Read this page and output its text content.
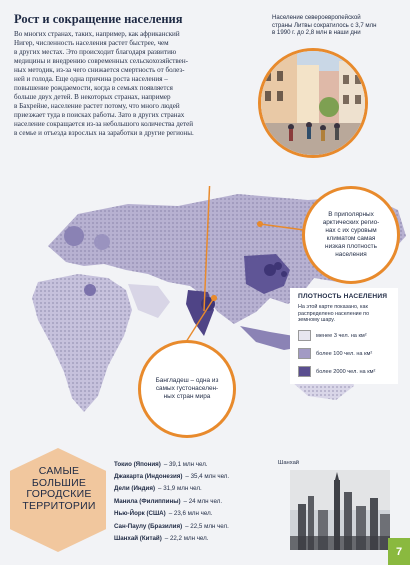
Рост и сокращение населения
Во многих странах, таких, например, как африканский
Нигер, численность населения растет быстрее, чем
в других местах. Это происходит благодаря развитию
медицины и внедрению современных сельскохозяйствен-
ных методик, из-за чего снижается смертность от болез-
ней и голода. Еще одна причина роста населения –
повышение рождаемости, когда в семьях появляется
больше двух детей. В некоторых странах, например
в Бахрейне, население растет потому, что много людей
приезжает туда в поисках работы. Зато в других странах
население сокращается из-за небольшого количества детей
в семье и отъезда взрослых на заработки в другие регионы.
Население североевропейской
страны Литвы сократилось с 3,7 млн
в 1990 г. до 2,8 млн в наши дни
В приполярных
арктических регио-
нах с их суровым
климатом самая
низкая плотность
населения
Бангладеш – одна из
самых густонаселен-
ных стран мира
ПЛОТНОСТЬ НАСЕЛЕНИЯ
На этой карте показано, как
распределено население по
земному шару.
менее 3 чел. на км²
более 100 чел. на км²
более 2000 чел. на км²
САМЫЕ
БОЛЬШИЕ
ГОРОДСКИЕ
ТЕРРИТОРИИ
Токио (Япония) – 39,1 млн чел.
Джакарта (Индонезия) – 35,4 млн чел.
Дели (Индия) – 31,9 млн чел.
Манила (Филиппины) – 24 млн чел.
Нью-Йорк (США) – 23,6 млн чел.
Сан-Паулу (Бразилия) – 22,5 млн чел.
Шанхай (Китай) – 22,2 млн чел.
Шанхай
7
